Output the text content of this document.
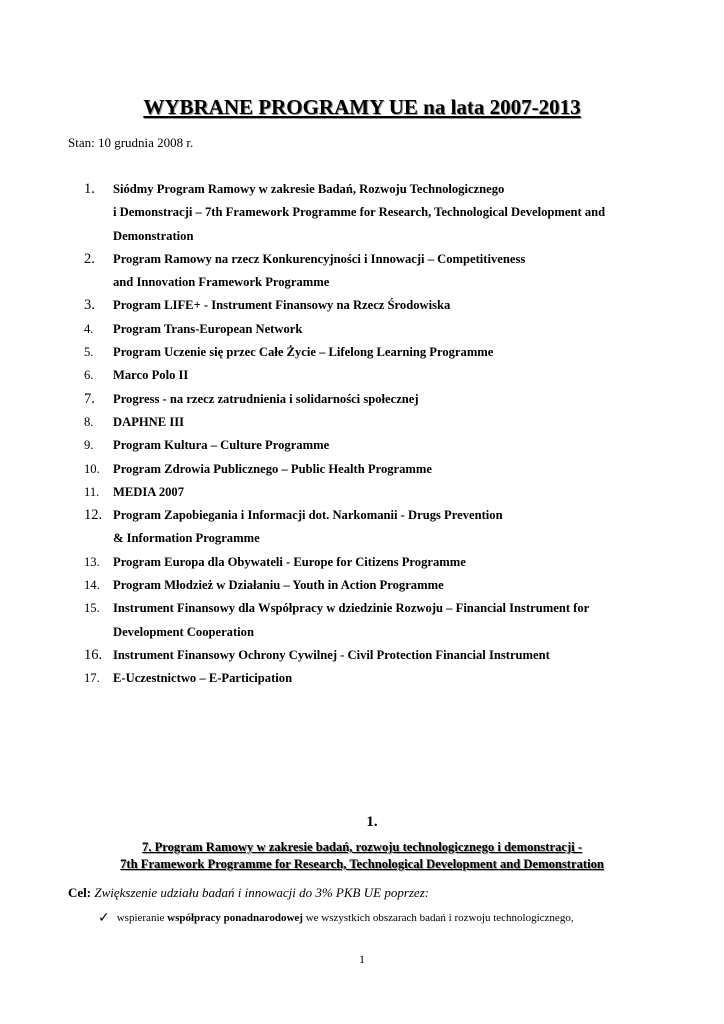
WYBRANE PROGRAMY UE na lata 2007-2013
Stan: 10 grudnia 2008 r.
1.	Siódmy Program Ramowy w zakresie Badań, Rozwoju Technologicznego
i Demonstracji – 7th Framework Programme for Research, Technological Development and
Demonstration
2.	Program Ramowy na rzecz Konkurencyjności i Innowacji – Competitiveness
and Innovation Framework Programme
3.	Program LIFE+ - Instrument Finansowy na Rzecz Środowiska
4.	Program Trans-European Network
5.	Program Uczenie się przec Całe Życie – Lifelong Learning Programme
6.	Marco Polo II
7.	Progress - na rzecz zatrudnienia i solidarności społecznej
8.	DAPHNE III
9.	Program Kultura – Culture Programme
10.	Program Zdrowia Publicznego – Public Health Programme
11.	MEDIA 2007
12. Program Zapobiegania i Informacji dot. Narkomanii - Drugs Prevention
& Information Programme
13.	Program Europa dla Obywateli - Europe for Citizens Programme
14.	Program Młodzież w Działaniu – Youth in Action Programme
15.	Instrument Finansowy dla Współpracy w dziedzinie Rozwoju – Financial Instrument for
Development Cooperation
16. Instrument Finansowy Ochrony Cywilnej - Civil Protection Financial Instrument
17.	E-Uczestnictwo – E-Participation
1.
7. Program Ramowy w zakresie badań, rozwoju technologicznego i demonstracji -
7th Framework Programme for Research, Technological Development and Demonstration
Cel: Zwiększenie udziału badań i innowacji do 3% PKB UE poprzez:
✓ wspieranie współpracy ponadnarodowej we wszystkich obszarach badań i rozwoju technologicznego,
1
